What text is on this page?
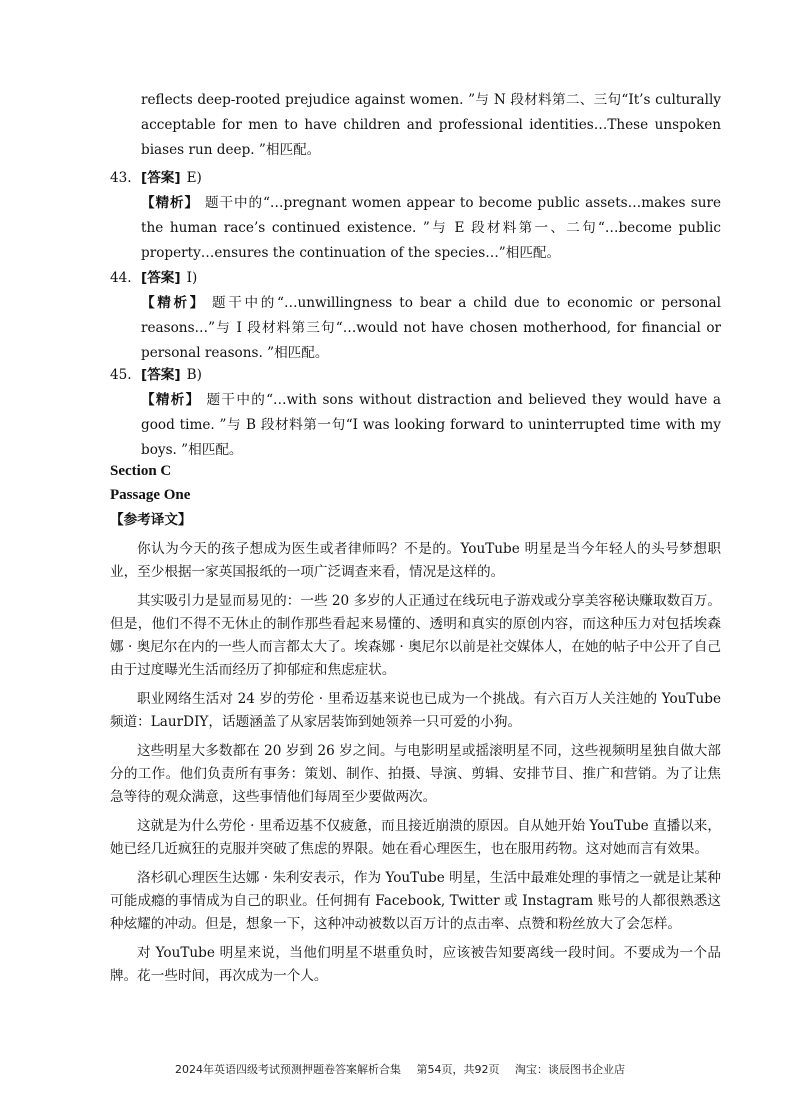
reflects deep-rooted prejudice against women. ”与 N 段材料第二、三句“It’s culturally acceptable for men to have children and professional identities…These unspoken biases run deep. ”相匹配。
43. [答案] E)
【精析】 题干中的“…pregnant women appear to become public assets…makes sure the human race’s continued existence. ”与 E 段材料第一、二句“…become public property…ensures the continuation of the species…”相匹配。
44. [答案] I)
【精析】 题干中的“…unwillingness to bear a child due to economic or personal reasons…”与 I 段材料第三句“…would not have chosen motherhood, for financial or personal reasons. ”相匹配。
45. [答案] B)
【精析】 题干中的“…with sons without distraction and believed they would have a good time. ”与 B 段材料第一句“I was looking forward to uninterrupted time with my boys. ”相匹配。
Section C
Passage One
【参考译文】

你认为今天的孩子想成为医生或者律师吗？不是的。YouTube 明星是当今年轻人的头号梦想职业，至少根据一家英国报纸的一项广泛调查来看，情况是这样的。

其实吸引力是显而易见的：一些 20 多岁的人正通过在线玩电子游戏或分享美容秘诀赚取数百万。但是，他们不得不无休止的制作那些看起来易懂的、透明和真实的原创内容，而这种压力对包括埃森娜 · 奥尼尔在内的一些人而言都太大了。埃森娜 · 奥尼尔以前是社交媒体人，在她的帖子中公开了自己由于过度曝光生活而经历了抑郁症和焦虑症状。

职业网络生活对 24 岁的劳伦 · 里希迈基来说也已成为一个挑战。有六百万人关注她的 YouTube 频道：LaurDIY，话题涵盖了从家居装饰到她领养一只可爱的小狗。

这些明星大多数都在 20 岁到 26 岁之间。与电影明星或摇滚明星不同，这些视频明星独自做大部分的工作。他们负责所有事务：策划、制作、拍摄、导演、剪辑、安排节目、推广和营销。为了让焦急等待的观众满意，这些事情他们每周至少要做两次。

这就是为什么劳伦 · 里希迈基不仅疲惫，而且接近崩溃的原因。自从她开始 YouTube 直播以来，她已经几近疯狂的克服并突破了焦虑的界限。她在看心理医生，也在服用药物。这对她而言有效果。

洛杉矶心理医生达娜 · 朱利安表示，作为 YouTube 明星，生活中最难处理的事情之一就是让某种可能成瘾的事情成为自己的职业。任何拥有 Facebook, Twitter 或 Instagram 账号的人都很熟悉这种炫耀的冲动。但是，想象一下，这种冲动被数以百万计的点击率、点赞和粉丝放大了会怎样。

对 YouTube 明星来说，当他们明星不堪重负时，应该被告知要离线一段时间。不要成为一个品牌。花一些时间，再次成为一个人。

2024年英语四级考试预测押题卷答案解析合集 第54页，共92页 淘宝：谈辰图书企业店
